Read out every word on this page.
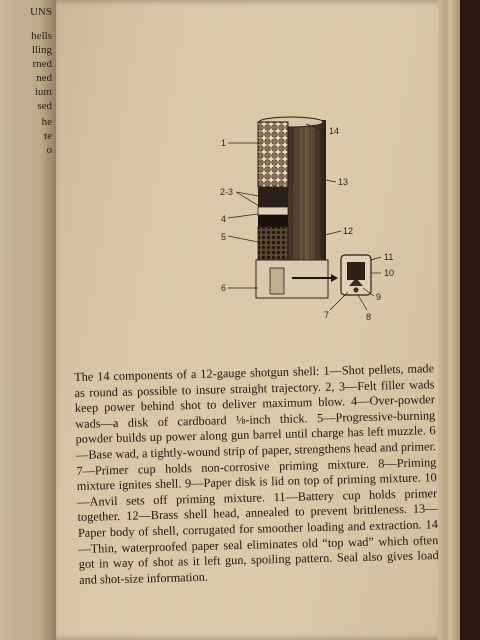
UNS
hells
lling
rned
ned
ium
sed
he
te
o
1
14
13
2-3
4
5
12
11
10
6
9
7	8

The 14 components of a 12-gauge shotgun shell: 1—Shot pellets, made as round as possible to insure straight trajectory. 2, 3—Felt filler wads keep power behind shot to deliver maximum blow. 4—Over-powder wads—a disk of cardboard ⅛-inch thick. 5—Progressive-burning powder builds up power along gun barrel until charge has left muzzle. 6—Base wad, a tightly-wound strip of paper, strengthens head and primer. 7—Primer cup holds non-corrosive priming mixture. 8—Priming mixture ignites shell. 9—Paper disk is lid on top of priming mixture. 10—Anvil sets off priming mixture. 11—Battery cup holds primer together. 12—Brass shell head, annealed to prevent brittleness. 13—Paper body of shell, corrugated for smoother loading and extraction. 14—Thin, waterproofed paper seal eliminates old “top wad” which often got in way of shot as it left gun, spoiling pattern. Seal also gives load and shot-size information.
